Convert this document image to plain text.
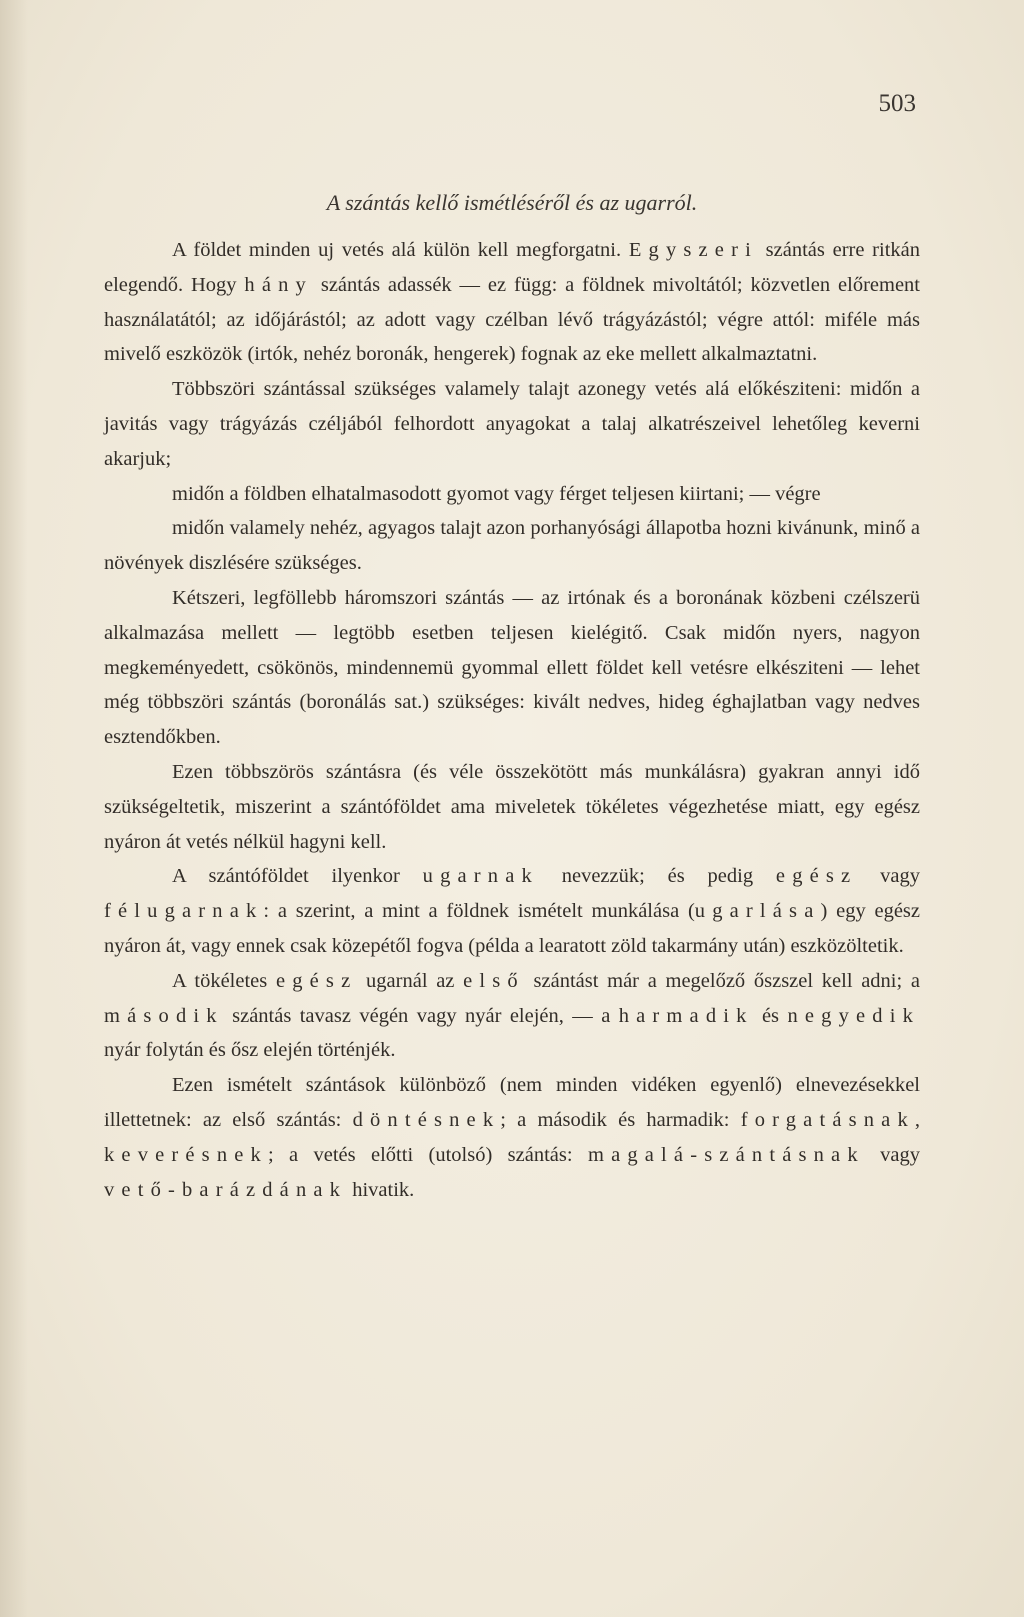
503
A szántás kellő ismétléséről és az ugarról.

A földet minden uj vetés alá külön kell megforgatni. Egyszeri szántás erre ritkán elegendő. Hogy hány szántás adassék — ez függ: a földnek mivoltától; közvetlen előrement használatától; az időjárástól; az adott vagy czélban lévő trágyázástól; végre attól: miféle más mivelő eszközök (irtók, nehéz boronák, hengerek) fognak az eke mellett alkalmaztatni.

Többszöri szántással szükséges valamely talajt azonegy vetés alá előkésziteni: midőn a javitás vagy trágyázás czéljából felhordott anyagokat a talaj alkatrészeivel lehetőleg keverni akarjuk;

midőn a földben elhatalmasodott gyomot vagy férget teljesen kiirtani; — végre

midőn valamely nehéz, agyagos talajt azon porhanyósági állapotba hozni kivánunk, minő a növények diszlésére szükséges.

Kétszeri, legföllebb háromszori szántás — az irtónak és a boronának közbeni czélszerü alkalmazása mellett — legtöbb esetben teljesen kielégitő. Csak midőn nyers, nagyon megkeményedett, csökönös, mindennemü gyommal ellett földet kell vetésre elkésziteni — lehet még többszöri szántás (boronálás sat.) szükséges: kivált nedves, hideg éghajlatban vagy nedves esztendőkben.

Ezen többszörös szántásra (és véle összekötött más munkálásra) gyakran annyi idő szükségeltetik, miszerint a szántóföldet ama miveletek tökéletes végezhetése miatt, egy egész nyáron át vetés nélkül hagyni kell.

A szántóföldet ilyenkor ugarnak nevezzük; és pedig egész vagy félugarnak: a szerint, a mint a földnek ismételt munkálása (ugarlása) egy egész nyáron át, vagy ennek csak közepétől fogva (példa a learatott zöld takarmány után) eszközöltetik.

A tökéletes egész ugarnál az első szántást már a megelőző őszszel kell adni; a második szántás tavasz végén vagy nyár elején, — a harmadik és negyedik nyár folytán és ősz elején történjék.

Ezen ismételt szántások különböző (nem minden vidéken egyenlő) elnevezésekkel illettetnek: az első szántás: döntésnek; a második és harmadik: forgatásnak, keverésnek; a vetés előtti (utolsó) szántás: magalá-szántásnak vagy vető-barázdának hivatik.
